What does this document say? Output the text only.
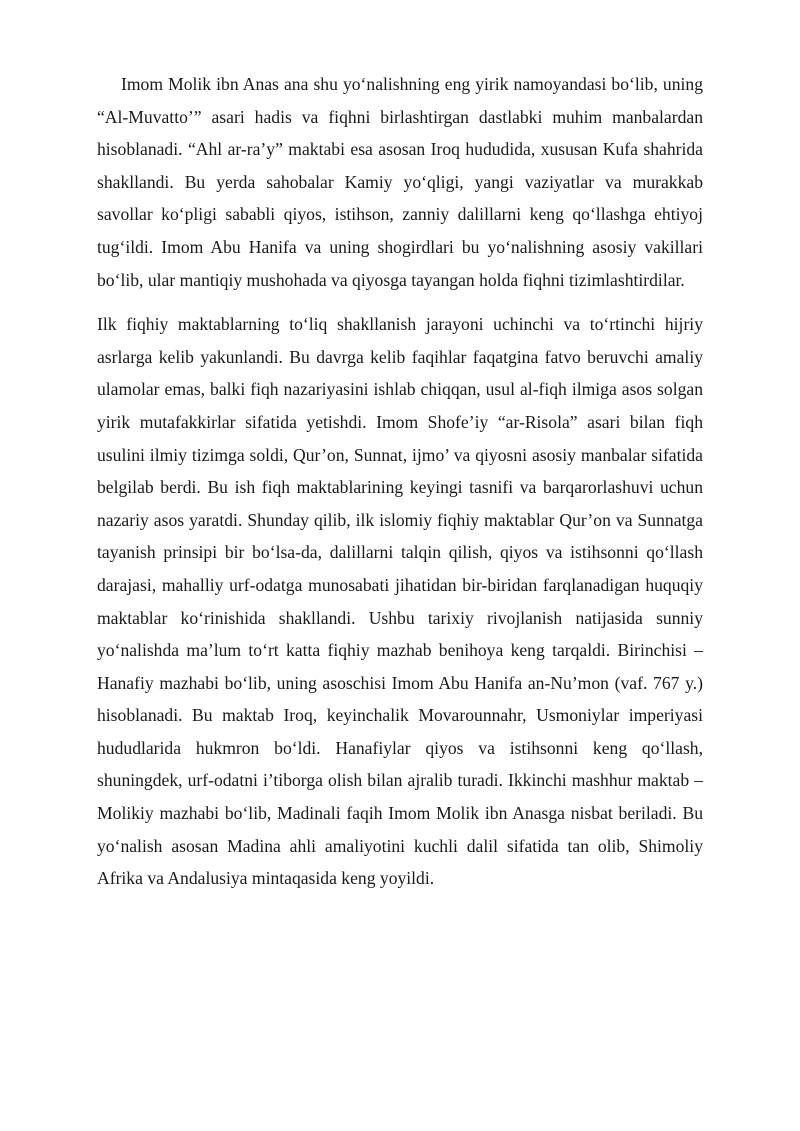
Imom Molik ibn Anas ana shu yo‘nalishning eng yirik namoyandasi bo‘lib, uning “Al-Muvatto’” asari hadis va fiqhni birlashtirgan dastlabki muhim manbalardan hisoblanadi. “Ahl ar-ra’y” maktabi esa asosan Iroq hududida, xususan Kufa shahrida shakllandi. Bu yerda sahobalar Kamiy yo‘qligi, yangi vaziyatlar va murakkab savollar ko‘pligi sababli qiyos, istihson, zanniy dalillarni keng qo‘llashga ehtiyoj tug‘ildi. Imom Abu Hanifa va uning shogirdlari bu yo‘nalishning asosiy vakillari bo‘lib, ular mantiqiy mushohada va qiyosga tayangan holda fiqhni tizimlashtirdilar.

Ilk fiqhiy maktablarning to‘liq shakllanish jarayoni uchinchi va to‘rtinchi hijriy asrlarga kelib yakunlandi. Bu davrga kelib faqihlar faqatgina fatvo beruvchi amaliy ulamolar emas, balki fiqh nazariyasini ishlab chiqqan, usul al-fiqh ilmiga asos solgan yirik mutafakkirlar sifatida yetishdi. Imom Shofe’iy “ar-Risola” asari bilan fiqh usulini ilmiy tizimga soldi, Qur’on, Sunnat, ijmo’ va qiyosni asosiy manbalar sifatida belgilab berdi. Bu ish fiqh maktablarining keyingi tasnifi va barqarorlashuvi uchun nazariy asos yaratdi. Shunday qilib, ilk islomiy fiqhiy maktablar Qur’on va Sunnatga tayanish prinsipi bir bo‘lsa-da, dalillarni talqin qilish, qiyos va istihsonni qo‘llash darajasi, mahalliy urf-odatga munosabati jihatidan bir-biridan farqlanadigan huquqiy maktablar ko‘rinishida shakllandi. Ushbu tarixiy rivojlanish natijasida sunniy yo‘nalishda ma’lum to‘rt katta fiqhiy mazhab benihoya keng tarqaldi. Birinchisi – Hanafiy mazhabi bo‘lib, uning asoschisi Imom Abu Hanifa an-Nu’mon (vaf. 767 y.) hisoblanadi. Bu maktab Iroq, keyinchalik Movarounnahr, Usmoniylar imperiyasi hududlarida hukmron bo‘ldi. Hanafiylar qiyos va istihsonni keng qo‘llash, shuningdek, urf-odatni i’tiborga olish bilan ajralib turadi. Ikkinchi mashhur maktab – Molikiy mazhabi bo‘lib, Madinali faqih Imom Molik ibn Anasga nisbat beriladi. Bu yo‘nalish asosan Madina ahli amaliyotini kuchli dalil sifatida tan olib, Shimoliy Afrika va Andalusiya mintaqasida keng yoyildi.
